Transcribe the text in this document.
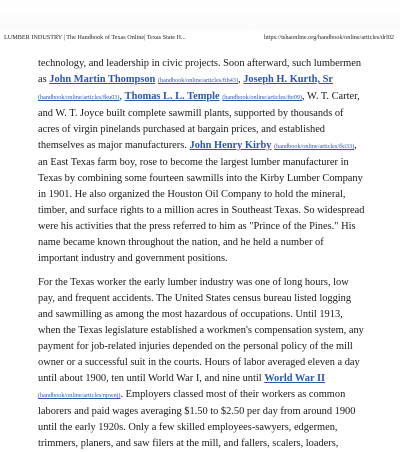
LUMBER INDUSTRY | The Handbook of Texas Online| Texas State H...	https://tshaonline.org/handbook/online/articles/drl02

technology, and leadership in civic projects. Soon afterward, such lumbermen as John Martin Thompson (handbook/online/articles/fth43), Joseph H. Kurth, Sr (handbook/online/articles/fku03), Thomas L. L. Temple (handbook/online/articles/fte09), W. T. Carter, and W. T. Joyce built complete sawmill plants, supported by thousands of acres of virgin pinelands purchased at bargain prices, and established themselves as major manufacturers. John Henry Kirby (handbook/online/articles/fki33), an East Texas farm boy, rose to become the largest lumber manufacturer in Texas by combining some fourteen sawmills into the Kirby Lumber Company in 1901. He also organized the Houston Oil Company to hold the mineral, timber, and surface rights to a million acres in Southeast Texas. So widespread were his activities that the press referred to him as "Prince of the Pines." His name became known throughout the nation, and he held a number of important industry and government positions.

For the Texas worker the early lumber industry was one of long hours, low pay, and frequent accidents. The United States census bureau listed logging and sawmilling as among the most hazardous of occupations. Until 1913, when the Texas legislature established a workmen's compensation system, any payment for job-related injuries depended on the personal policy of the mill owner or a successful suit in the courts. Hours of labor averaged eleven a day until about 1900, ten until World War I, and nine until World War II (handbook/online/articles/npwnj). Employers classed most of their workers as common laborers and paid wages averaging $1.50 to $2.50 per day from around 1900 until the early 1920s. Only a few skilled employees-sawyers, edgermen, trimmers, planers, and saw filers at the mill, and fallers, scalers, loaders,
